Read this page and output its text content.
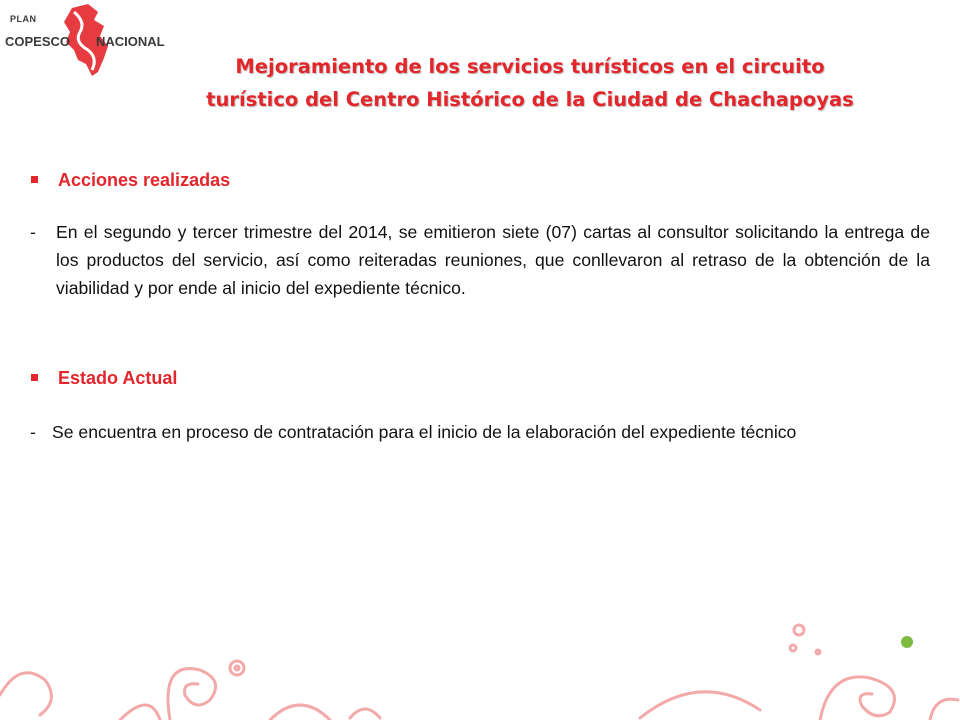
PLAN
COPESCO NACIONAL
Mejoramiento de los servicios turísticos en el circuito
turístico del Centro Histórico de la Ciudad de Chachapoyas
Acciones realizadas
- En el segundo y tercer trimestre del 2014, se emitieron siete (07) cartas al consultor solicitando la entrega de los productos del servicio, así como reiteradas reuniones, que conllevaron al retraso de la obtención de la viabilidad y por ende al inicio del expediente técnico.
Estado Actual
- Se encuentra en proceso de contratación para el inicio de la elaboración del expediente técnico
